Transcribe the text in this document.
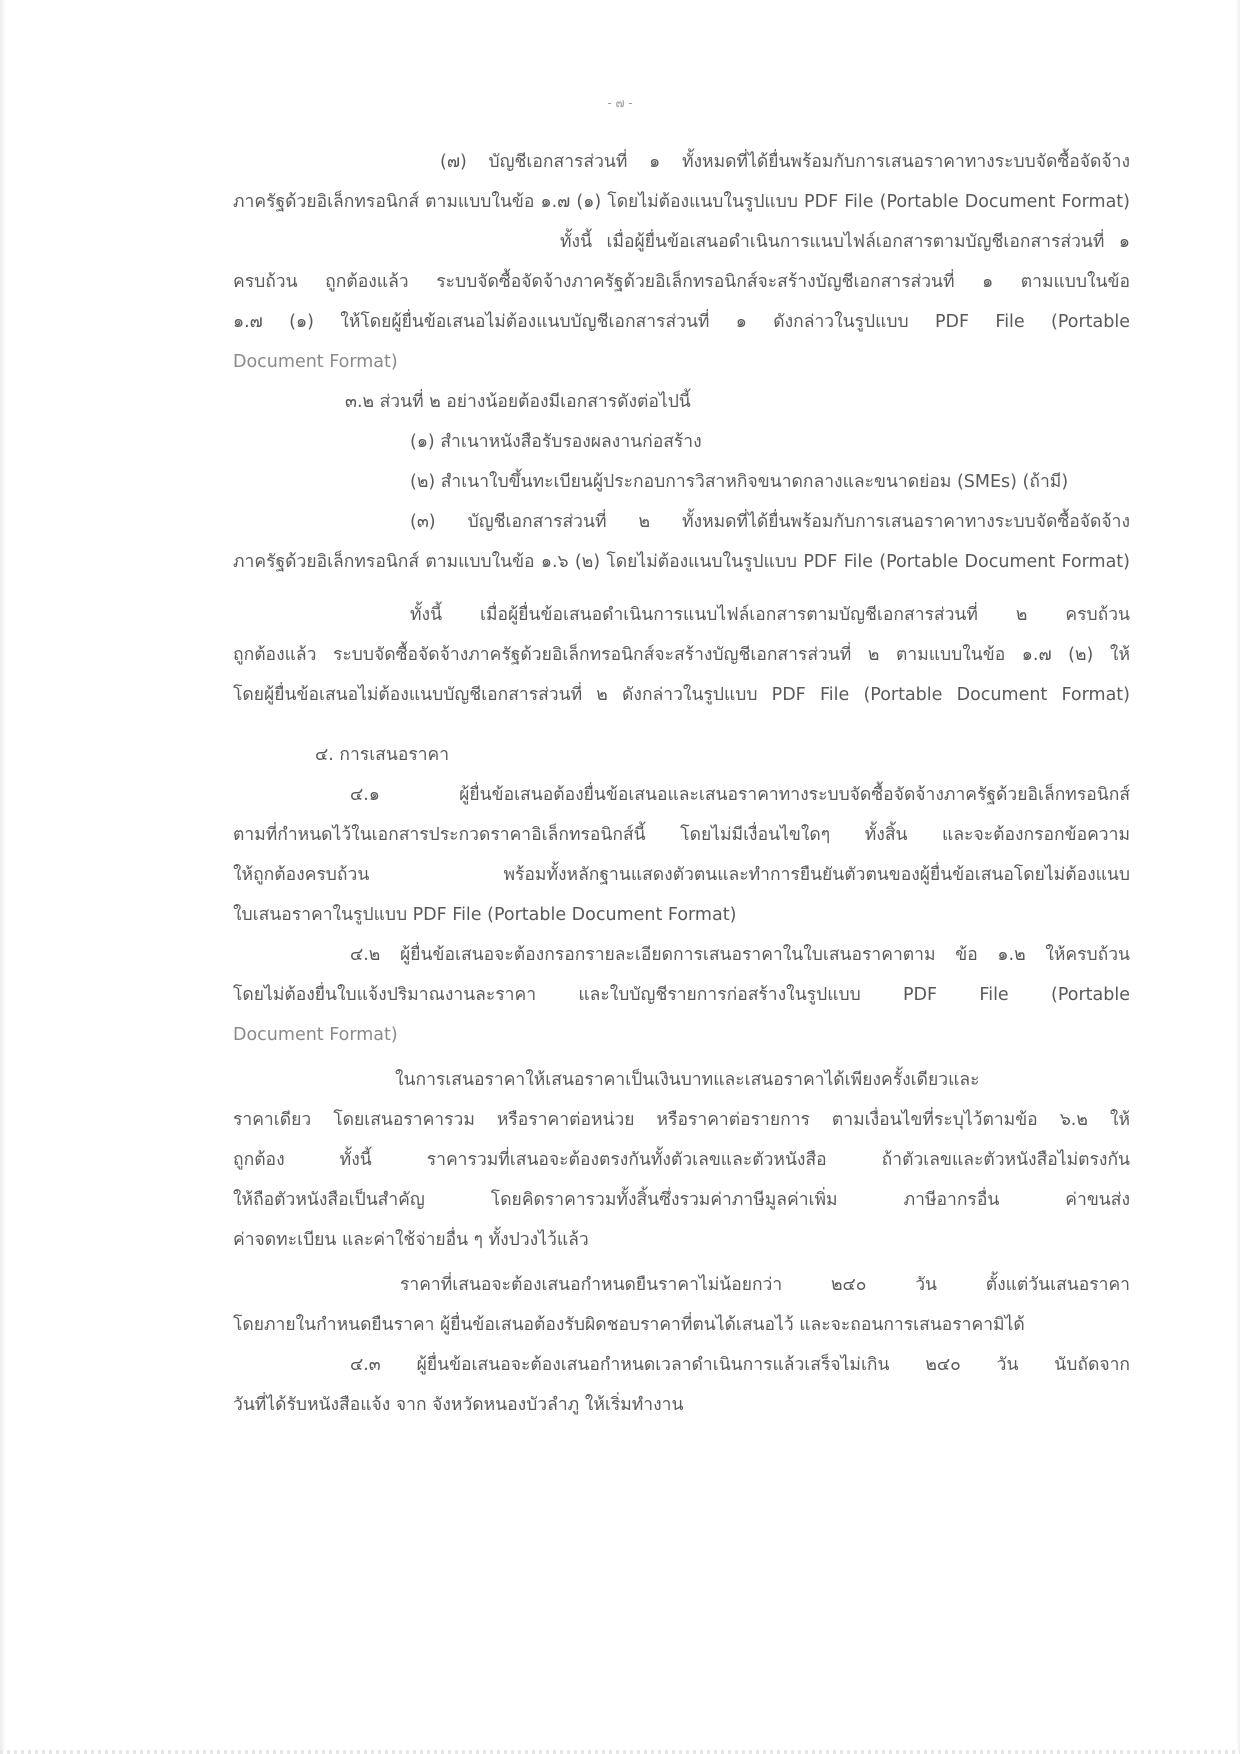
- ๗ -
(๗) บัญชีเอกสารส่วนที่ ๑ ทั้งหมดที่ได้ยื่นพร้อมกับการเสนอราคาทางระบบจัดซื้อจัดจ้าง
ภาครัฐด้วยอิเล็กทรอนิกส์ ตามแบบในข้อ ๑.๗ (๑) โดยไม่ต้องแนบในรูปแบบ PDF File (Portable Document Format)
ทั้งนี้ เมื่อผู้ยื่นข้อเสนอดำเนินการแนบไฟล์เอกสารตามบัญชีเอกสารส่วนที่ ๑
ครบถ้วน ถูกต้องแล้ว ระบบจัดซื้อจัดจ้างภาครัฐด้วยอิเล็กทรอนิกส์จะสร้างบัญชีเอกสารส่วนที่ ๑ ตามแบบในข้อ
๑.๗ (๑) ให้โดยผู้ยื่นข้อเสนอไม่ต้องแนบบัญชีเอกสารส่วนที่ ๑ ดังกล่าวในรูปแบบ PDF File (Portable
Document Format)
๓.๒ ส่วนที่ ๒ อย่างน้อยต้องมีเอกสารดังต่อไปนี้
(๑) สำเนาหนังสือรับรองผลงานก่อสร้าง
(๒) สำเนาใบขึ้นทะเบียนผู้ประกอบการวิสาหกิจขนาดกลางและขนาดย่อม (SMEs) (ถ้ามี)
(๓) บัญชีเอกสารส่วนที่ ๒ ทั้งหมดที่ได้ยื่นพร้อมกับการเสนอราคาทางระบบจัดซื้อจัดจ้าง
ภาครัฐด้วยอิเล็กทรอนิกส์ ตามแบบในข้อ ๑.๖ (๒) โดยไม่ต้องแนบในรูปแบบ PDF File (Portable Document Format)
ทั้งนี้ เมื่อผู้ยื่นข้อเสนอดำเนินการแนบไฟล์เอกสารตามบัญชีเอกสารส่วนที่ ๒ ครบถ้วน
ถูกต้องแล้ว ระบบจัดซื้อจัดจ้างภาครัฐด้วยอิเล็กทรอนิกส์จะสร้างบัญชีเอกสารส่วนที่ ๒ ตามแบบในข้อ ๑.๗ (๒) ให้
โดยผู้ยื่นข้อเสนอไม่ต้องแนบบัญชีเอกสารส่วนที่ ๒ ดังกล่าวในรูปแบบ PDF File (Portable Document Format)
๔. การเสนอราคา
๔.๑ ผู้ยื่นข้อเสนอต้องยื่นข้อเสนอและเสนอราคาทางระบบจัดซื้อจัดจ้างภาครัฐด้วยอิเล็กทรอนิกส์
ตามที่กำหนดไว้ในเอกสารประกวดราคาอิเล็กทรอนิกส์นี้ โดยไม่มีเงื่อนไขใดๆ ทั้งสิ้น และจะต้องกรอกข้อความ
ให้ถูกต้องครบถ้วน พร้อมทั้งหลักฐานแสดงตัวตนและทำการยืนยันตัวตนของผู้ยื่นข้อเสนอโดยไม่ต้องแนบ
ใบเสนอราคาในรูปแบบ PDF File (Portable Document Format)
๔.๒ ผู้ยื่นข้อเสนอจะต้องกรอกรายละเอียดการเสนอราคาในใบเสนอราคาตาม ข้อ ๑.๒ ให้ครบถ้วน
โดยไม่ต้องยื่นใบแจ้งปริมาณงานละราคา และใบบัญชีรายการก่อสร้างในรูปแบบ PDF File (Portable
Document Format)
ในการเสนอราคาให้เสนอราคาเป็นเงินบาทและเสนอราคาได้เพียงครั้งเดียวและ
ราคาเดียว โดยเสนอราคารวม หรือราคาต่อหน่วย หรือราคาต่อรายการ ตามเงื่อนไขที่ระบุไว้ตามข้อ ๖.๒ ให้
ถูกต้อง ทั้งนี้ ราคารวมที่เสนอจะต้องตรงกันทั้งตัวเลขและตัวหนังสือ ถ้าตัวเลขและตัวหนังสือไม่ตรงกัน
ให้ถือตัวหนังสือเป็นสำคัญ โดยคิดราคารวมทั้งสิ้นซึ่งรวมค่าภาษีมูลค่าเพิ่ม ภาษีอากรอื่น ค่าขนส่ง
ค่าจดทะเบียน และค่าใช้จ่ายอื่น ๆ ทั้งปวงไว้แล้ว
ราคาที่เสนอจะต้องเสนอกำหนดยืนราคาไม่น้อยกว่า ๒๔๐ วัน ตั้งแต่วันเสนอราคา
โดยภายในกำหนดยืนราคา ผู้ยื่นข้อเสนอต้องรับผิดชอบราคาที่ตนได้เสนอไว้ และจะถอนการเสนอราคามิได้
๔.๓ ผู้ยื่นข้อเสนอจะต้องเสนอกำหนดเวลาดำเนินการแล้วเสร็จไม่เกิน ๒๔๐ วัน นับถัดจาก
วันที่ได้รับหนังสือแจ้ง จาก จังหวัดหนองบัวลำภู ให้เริ่มทำงาน
